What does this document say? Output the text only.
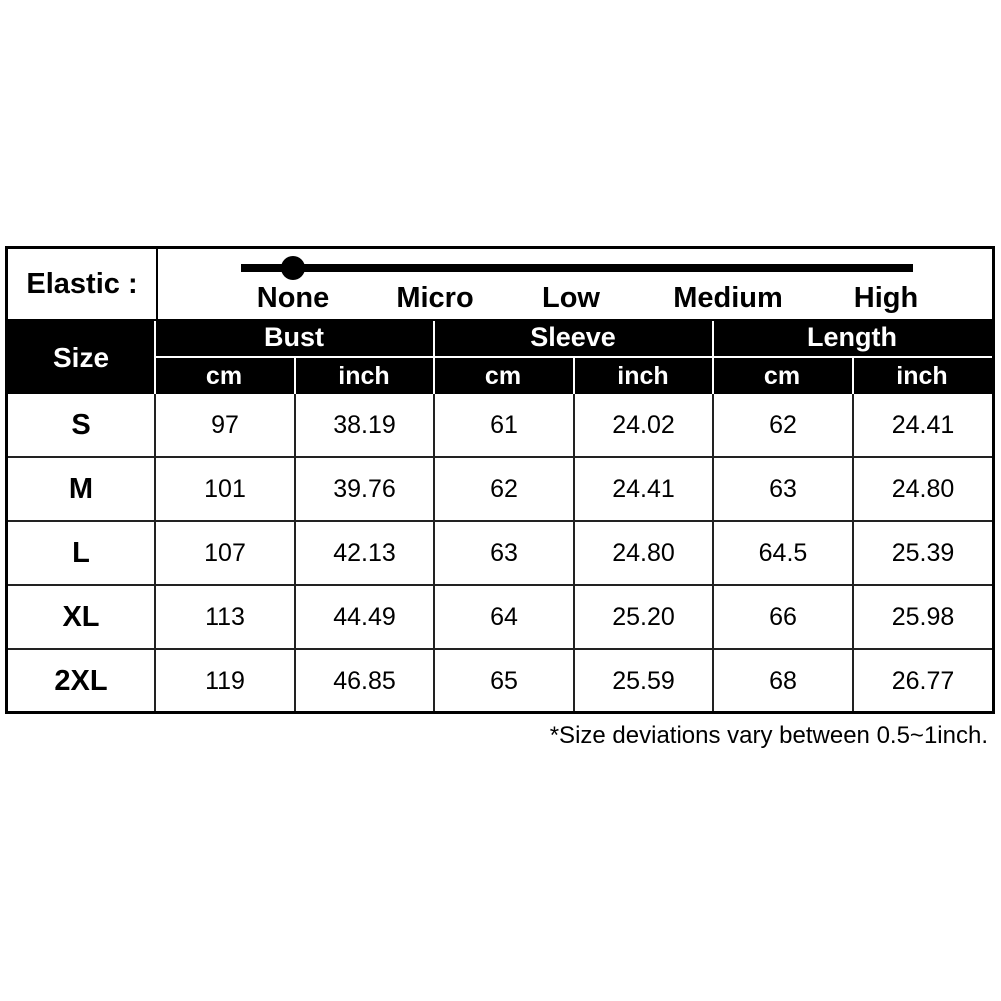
Elastic :	None Micro Low	Medium High
Size
Bust	Sleeve	Length
cm	inch	cm	inch	cm	inch
S	97	38.19	61	24.02	62	24.41
M	101	39.76	62	24.41	63	24.80
L	107	42.13	63	24.80	64.5	25.39
XL	113	44.49	64	25.20	66	25.98
2XL	119	46.85	65	25.59	68	26.77
*Size deviations vary between 0.5~1inch.
